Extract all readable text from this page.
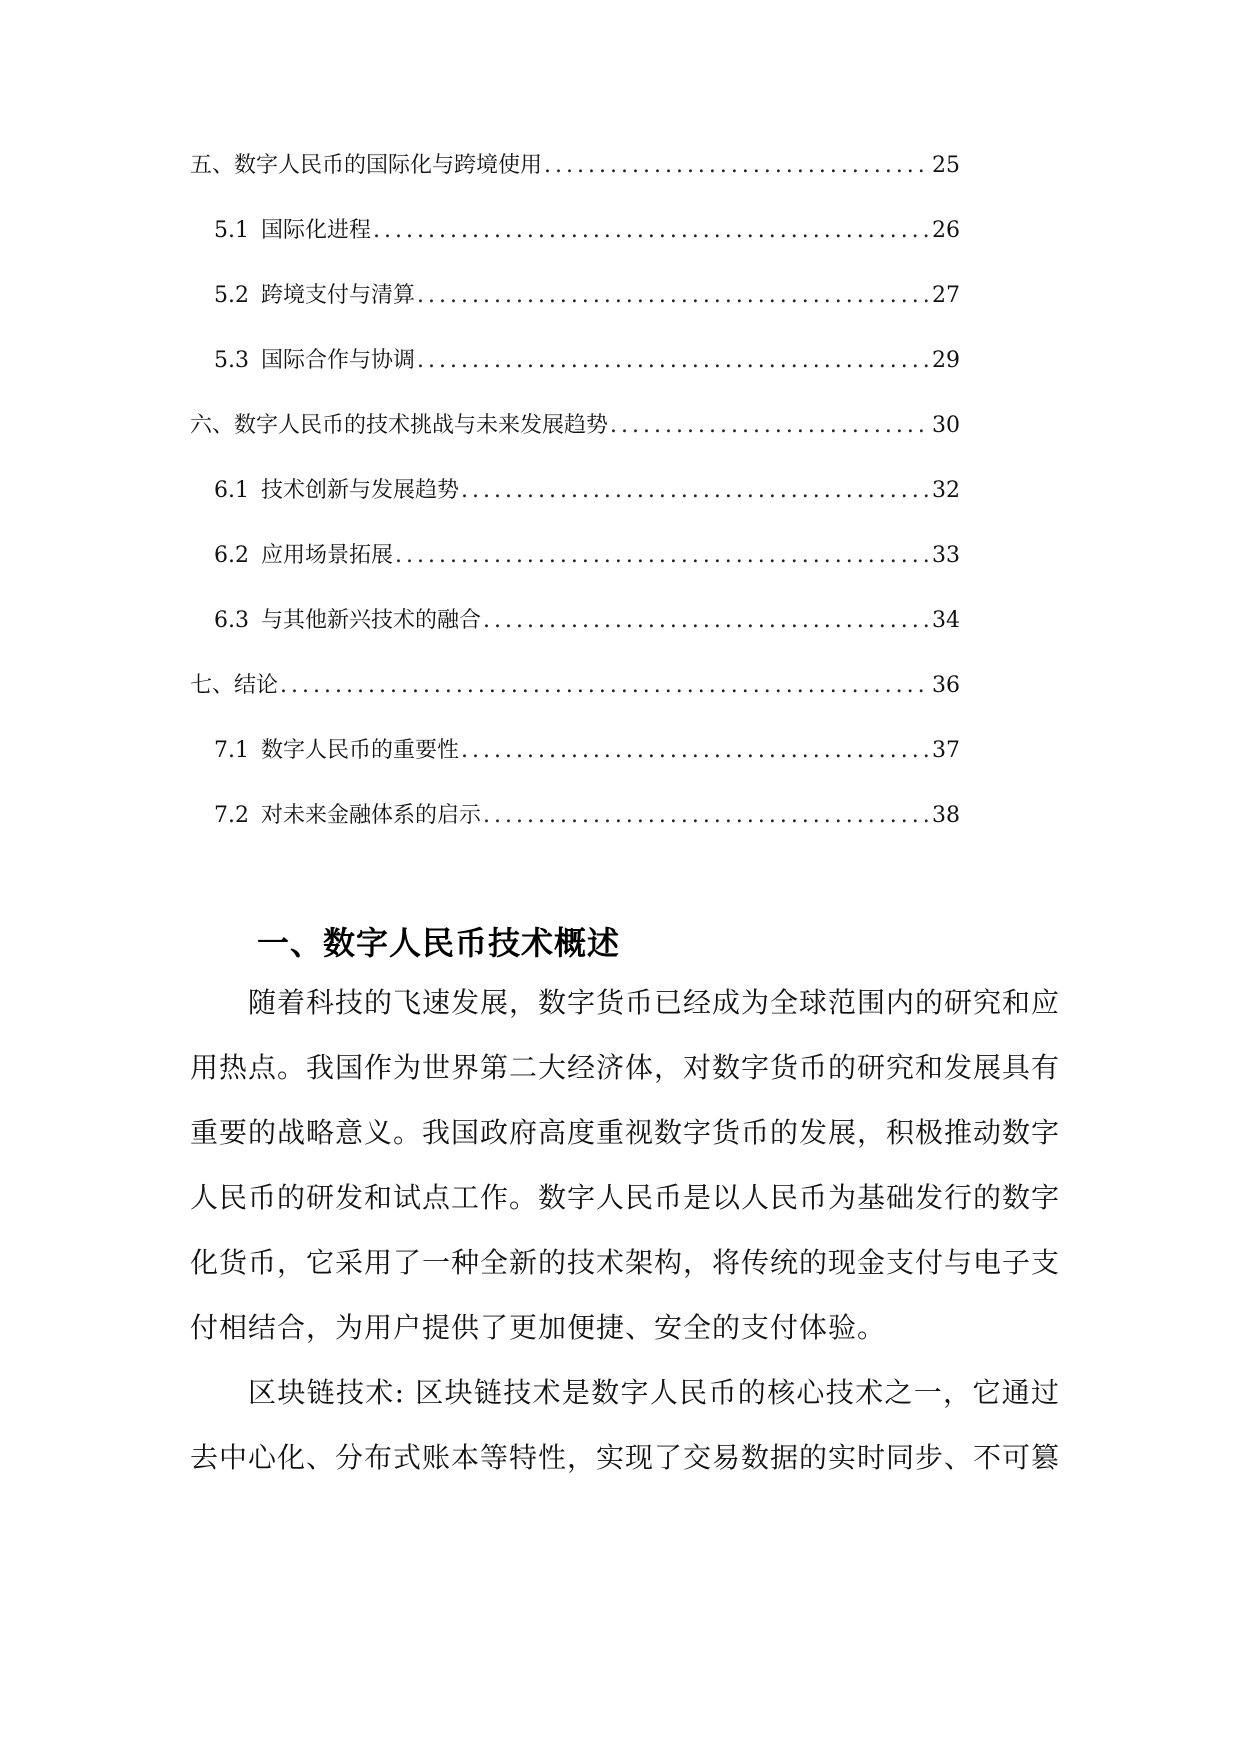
五、 数字人民币的国际化与跨境使用 .....	25
5.1 国际化进程 .....	26
5.2 跨境支付与清算 .....	27
5.3 国际合作与协调 .....	29
六、 数字人民币的技术挑战与未来发展趋势 .....	30
6.1 技术创新与发展趋势 .....	32
6.2 应用场景拓展 .....	33
6.3 与其他新兴技术的融合 .....	34
七、 结论 .....	36
7.1 数字人民币的重要性 .....	37
7.2 对未来金融体系的启示 .....	38
一、数字人民币技术概述

随着科技的飞速发展，数字货币已经成为全球范围内的研究和应用热点。我国作为世界第二大经济体，对数字货币的研究和发展具有重要的战略意义。我国政府高度重视数字货币的发展，积极推动数字人民币的研发和试点工作。数字人民币是以人民币为基础发行的数字化货币，它采用了一种全新的技术架构，将传统的现金支付与电子支付相结合，为用户提供了更加便捷、安全的支付体验。

区块链技术: 区块链技术是数字人民币的核心技术之一，它通过去中心化、分布式账本等特性，实现了交易数据的实时同步、不可篡
